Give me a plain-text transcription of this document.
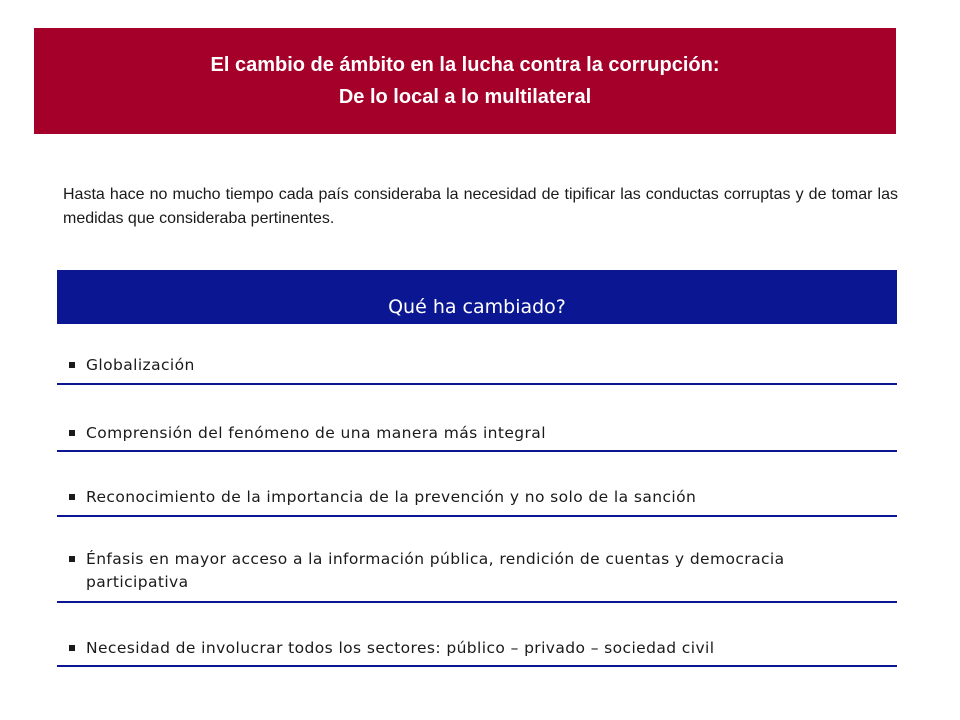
El cambio de ámbito en la lucha contra la corrupción:
De lo local a lo multilateral
Hasta hace no mucho tiempo cada país consideraba la necesidad de tipificar las conductas corruptas y de tomar las medidas que consideraba pertinentes.
Qué ha cambiado?
Globalización
Comprensión del fenómeno de una manera más integral
Reconocimiento de la importancia de la prevención y no solo de la sanción
Énfasis en mayor acceso a la información pública, rendición de cuentas y democracia participativa
Necesidad de involucrar todos los sectores: público – privado – sociedad civil
